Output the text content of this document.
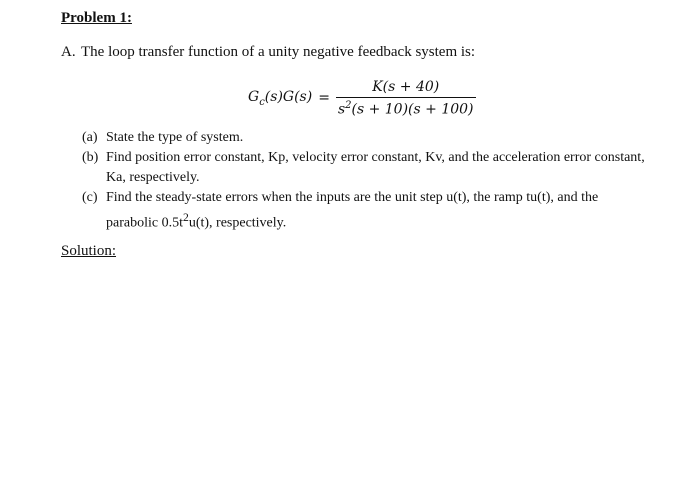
Problem 1:

A. The loop transfer function of a unity negative feedback system is:

$G_c(s)G(s) = \frac{K(s + 40)}{s^2(s + 10)(s + 100)}$
(a) State the type of system.
(b) Find position error constant, Kp, velocity error constant, Kv, and the acceleration error constant, Ka, respectively.
(c) Find the steady-state errors when the inputs are the unit step u(t), the ramp tu(t), and the parabolic $0.5t^2u(t)$, respectively.

Solution:
